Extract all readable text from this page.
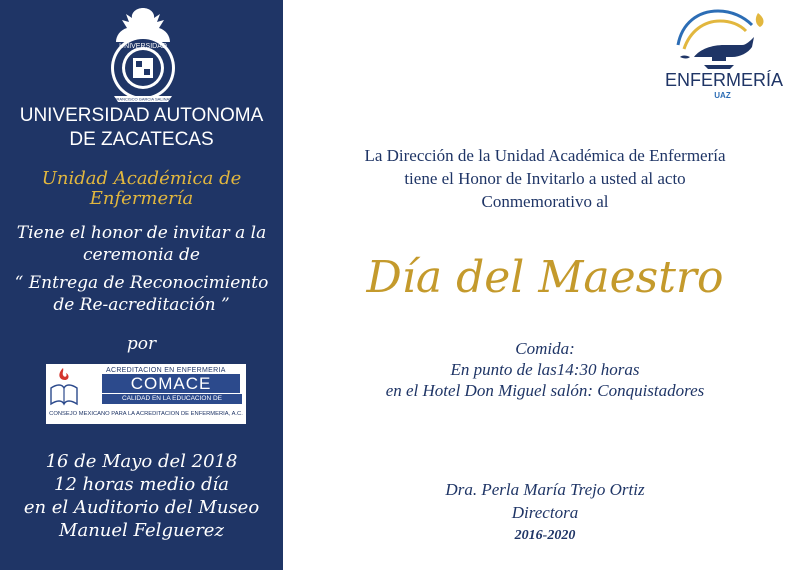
UNIVERSIDAD
FRANCISCO GARCIA SALINAS
UNIVERSIDAD AUTONOMA
DE ZACATECAS
Unidad Académica de
Enfermería
Tiene el honor de invitar a la
ceremonia de
“ Entrega de Reconocimiento
de Re-acreditación ”
por
ACREDITACION EN ENFERMERIA
COMACE
CALIDAD EN LA EDUCACION DE ENFERMERIA
CONSEJO MEXICANO PARA LA ACREDITACION DE ENFERMERIA, A.C.
16 de Mayo del 2018
12 horas medio día
en el Auditorio del Museo
Manuel Felguerez
ENFERMERÍA
UAZ
La Dirección de la Unidad Académica de Enfermería
tiene el Honor de Invitarlo a usted al acto
Conmemorativo al
Día del Maestro
Comida:
En punto de las14:30 horas
en el Hotel Don Miguel salón: Conquistadores
Dra. Perla María Trejo Ortiz
Directora
2016-2020
